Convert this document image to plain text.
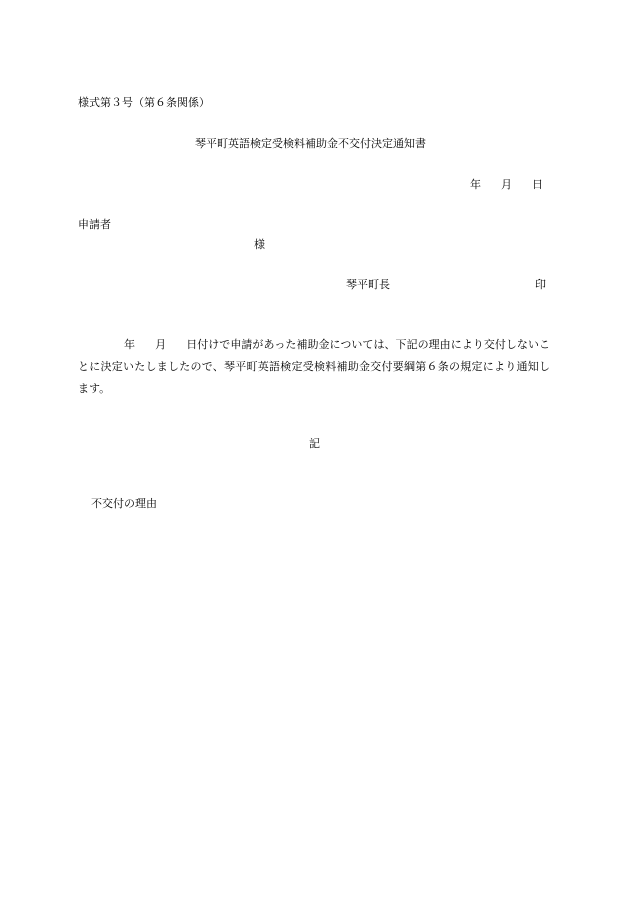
様式第３号（第６条関係）
琴平町英語検定受検料補助金不交付決定通知書
年 月 日
申請者
様
琴平町長	印
年 月 日付けで申請があった補助金については、下記の理由により交付しないことに決定いたしましたので、琴平町英語検定受検料補助金交付要綱第６条の規定により通知します。
記
不交付の理由
